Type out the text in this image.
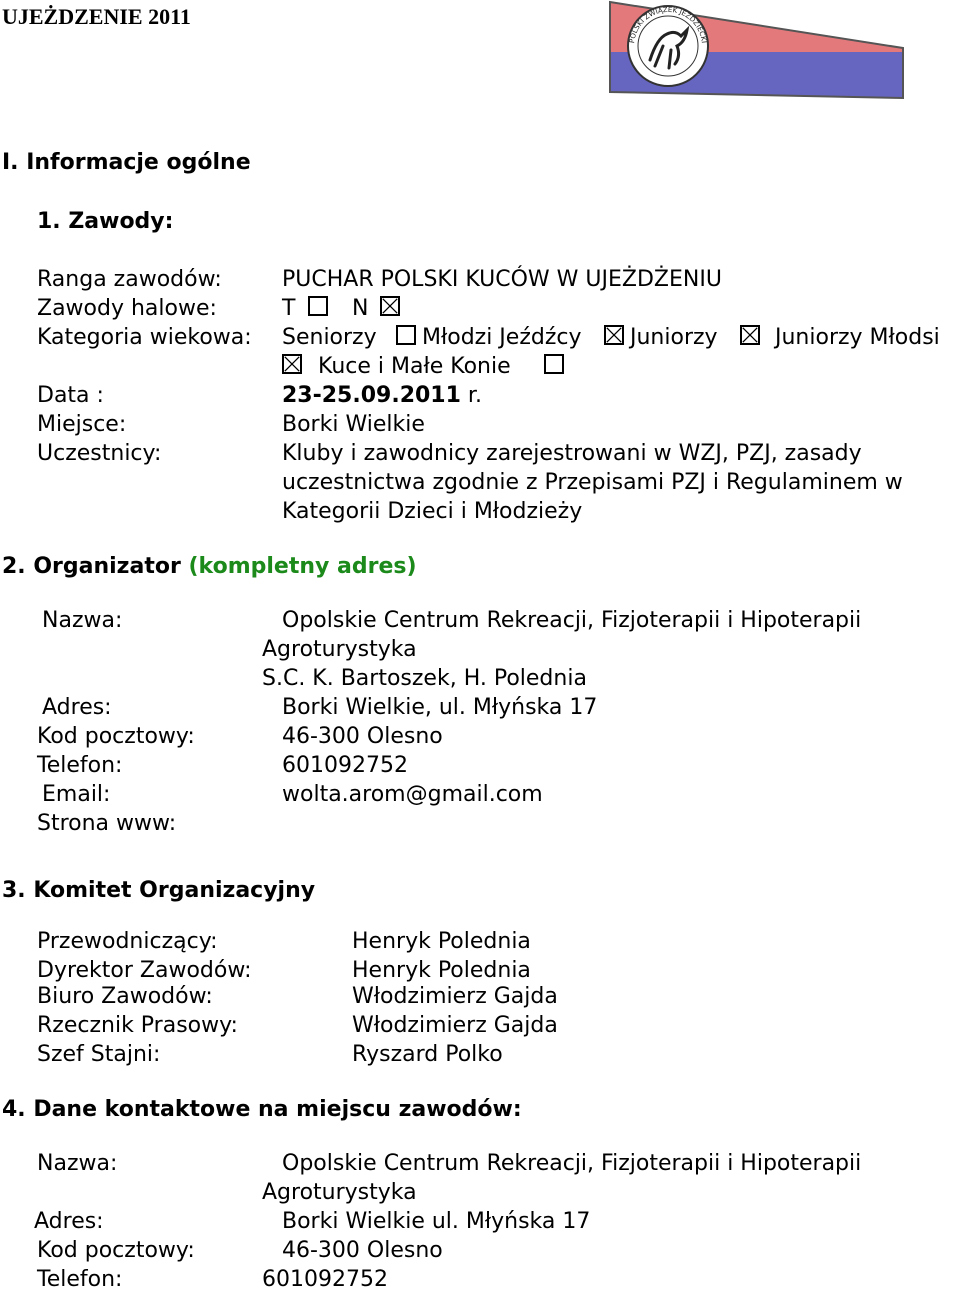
UJEŻDZENIE 2011
POLSKI ZWIĄZEK JEŹDZIECKI
I. Informacje ogólne
1. Zawody:
Ranga zawodów:	PUCHAR POLSKI KUCÓW W UJEŻDŻENIU
Zawody halowe:	T	N
Kategoria wiekowa: Seniorzy Młodzi Jeźdźcy Juniorzy	Juniorzy Młodsi
Kuce i Małe Konie
Data :	23-25.09.2011 r.
Miejsce:	Borki Wielkie
Uczestnicy:	Kluby i zawodnicy zarejestrowani w WZJ, PZJ, zasady
uczestnictwa zgodnie z Przepisami PZJ i Regulaminem w
Kategorii Dzieci i Młodzieży
2. Organizator (kompletny adres)
Nazwa:	Opolskie Centrum Rekreacji, Fizjoterapii i Hipoterapii
Agroturystyka
S.C. K. Bartoszek, H. Polednia
Adres:	Borki Wielkie, ul. Młyńska 17
Kod pocztowy:	46-300 Olesno
Telefon:	601092752
Email:	wolta.arom@gmail.com
Strona www:
3. Komitet Organizacyjny
Przewodniczący:	Henryk Polednia
Dyrektor Zawodów:	Henryk Polednia
Biuro Zawodów:	Włodzimierz Gajda
Rzecznik Prasowy:	Włodzimierz Gajda
Szef Stajni:	Ryszard Polko
4. Dane kontaktowe na miejscu zawodów:
Nazwa:	Opolskie Centrum Rekreacji, Fizjoterapii i Hipoterapii
Agroturystyka
Adres:	Borki Wielkie ul. Młyńska 17
Kod pocztowy:	46-300 Olesno
Telefon:	601092752
